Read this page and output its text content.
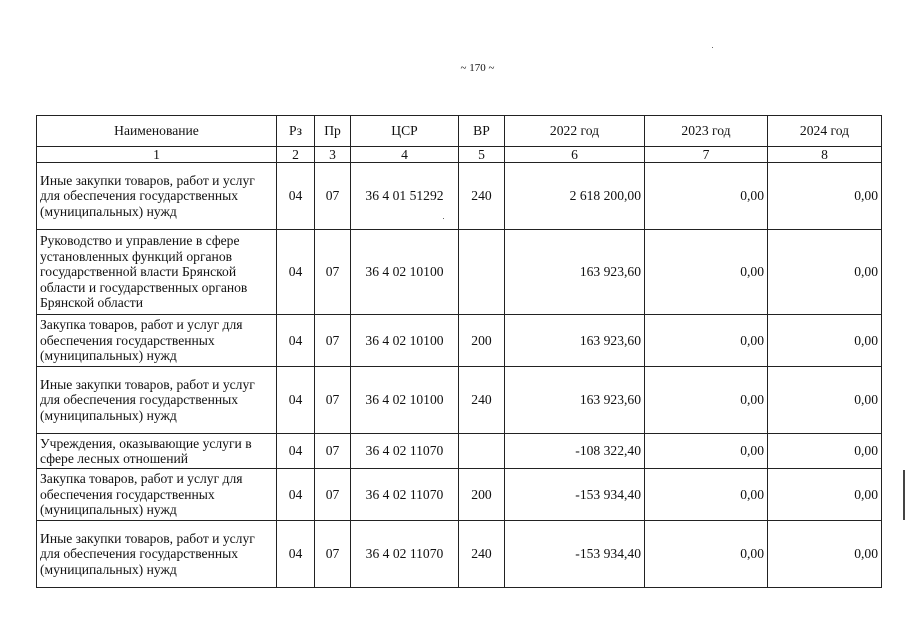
~ 170 ~
Наименование	Рз	Пр	ЦСР	ВР	2022 год	2023 год	2024 год
1	2	3	4	5	6	7	8
Иные закупки товаров, работ и услуг для обеспечения государственных (муниципальных) нужд	04	07	36 4 01 51292	240	2 618 200,00	0,00	0,00
Руководство и управление в сфере установленных функций органов государственной власти Брянской области и государственных органов Брянской области	04	07	36 4 02 10100		163 923,60	0,00	0,00
Закупка товаров, работ и услуг для обеспечения государственных (муниципальных) нужд	04	07	36 4 02 10100	200	163 923,60	0,00	0,00
Иные закупки товаров, работ и услуг для обеспечения государственных (муниципальных) нужд	04	07	36 4 02 10100	240	163 923,60	0,00	0,00
Учреждения, оказывающие услуги в сфере лесных отношений	04	07	36 4 02 11070		-108 322,40	0,00	0,00
Закупка товаров, работ и услуг для обеспечения государственных (муниципальных) нужд	04	07	36 4 02 11070	200	-153 934,40	0,00	0,00
Иные закупки товаров, работ и услуг для обеспечения государственных (муниципальных) нужд	04	07	36 4 02 11070	240	-153 934,40	0,00	0,00
